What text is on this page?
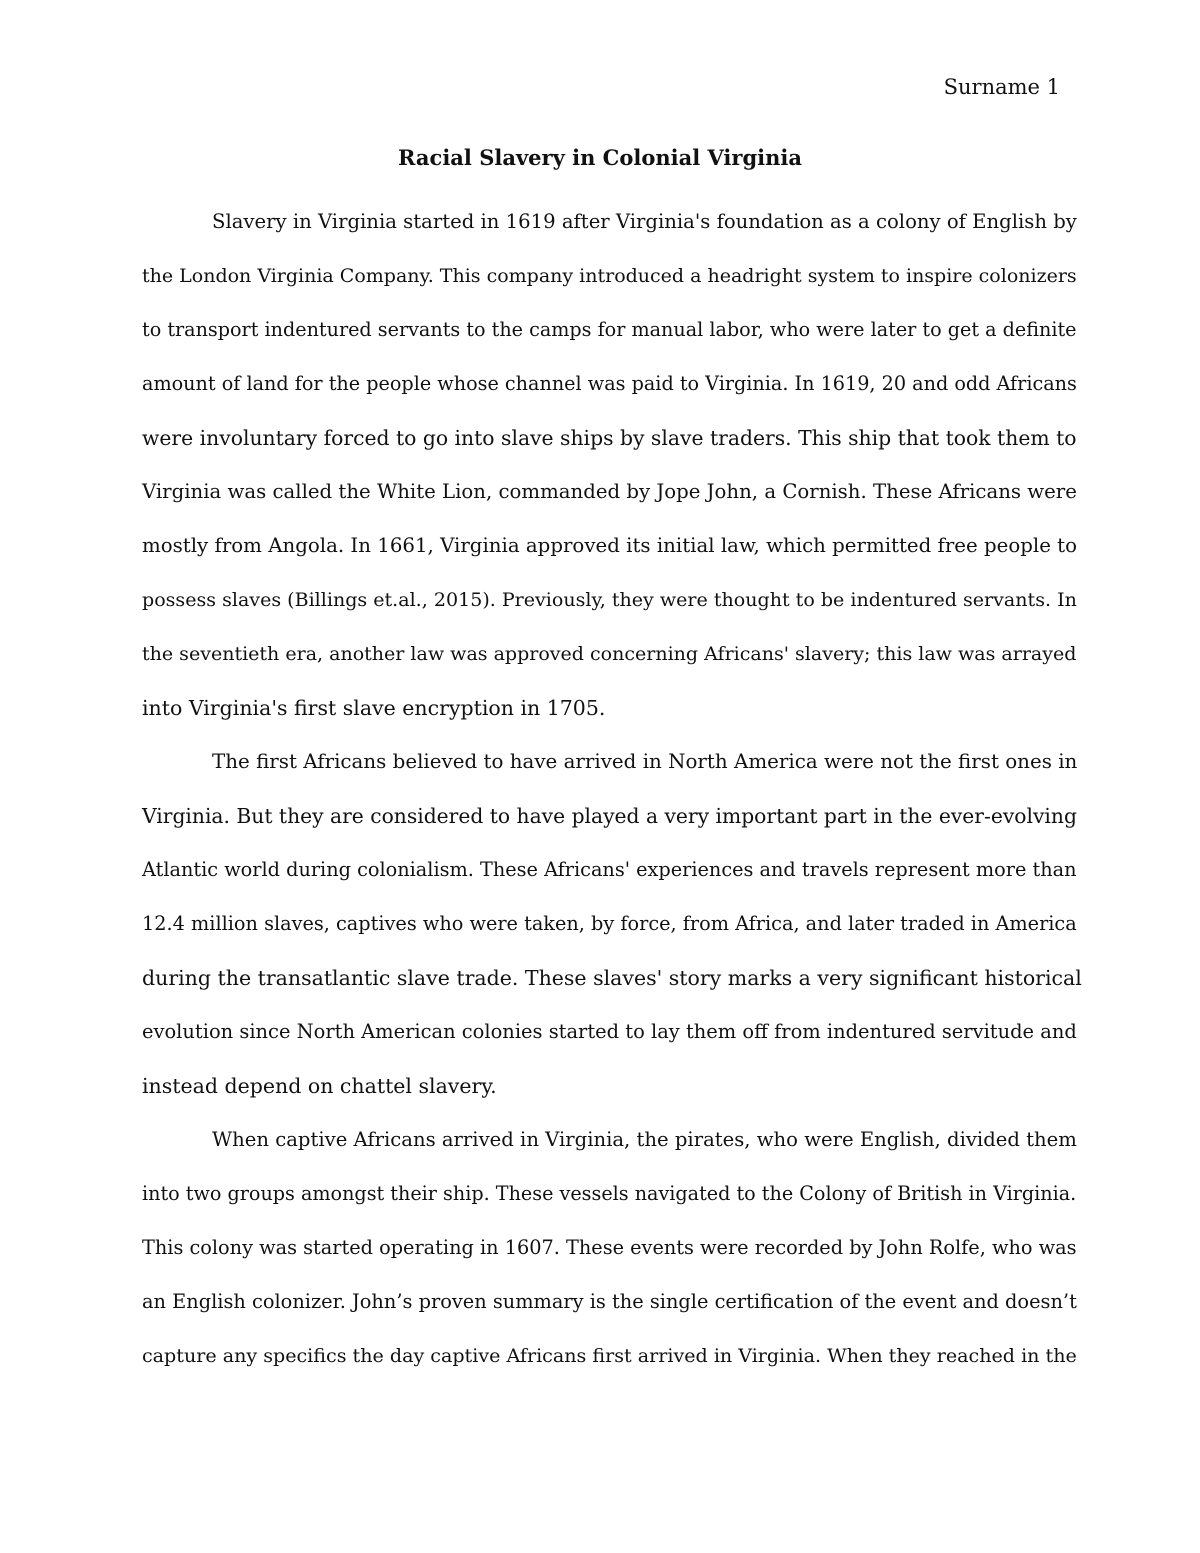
Surname 1
Racial Slavery in Colonial Virginia
Slavery in Virginia started in 1619 after Virginia's foundation as a colony of English by
the London Virginia Company. This company introduced a headright system to inspire colonizers
to transport indentured servants to the camps for manual labor, who were later to get a definite
amount of land for the people whose channel was paid to Virginia. In 1619, 20 and odd Africans
were involuntary forced to go into slave ships by slave traders. This ship that took them to
Virginia was called the White Lion, commanded by Jope John, a Cornish. These Africans were
mostly from Angola. In 1661, Virginia approved its initial law, which permitted free people to
possess slaves (Billings et.al., 2015). Previously, they were thought to be indentured servants. In
the seventieth era, another law was approved concerning Africans' slavery; this law was arrayed
into Virginia's first slave encryption in 1705.
The first Africans believed to have arrived in North America were not the first ones in
Virginia. But they are considered to have played a very important part in the ever-evolving
Atlantic world during colonialism. These Africans' experiences and travels represent more than
12.4 million slaves, captives who were taken, by force, from Africa, and later traded in America
during the transatlantic slave trade. These slaves' story marks a very significant historical
evolution since North American colonies started to lay them off from indentured servitude and
instead depend on chattel slavery.
When captive Africans arrived in Virginia, the pirates, who were English, divided them
into two groups amongst their ship. These vessels navigated to the Colony of British in Virginia.
This colony was started operating in 1607. These events were recorded by John Rolfe, who was
an English colonizer. John’s proven summary is the single certification of the event and doesn’t
capture any specifics the day captive Africans first arrived in Virginia. When they reached in the
